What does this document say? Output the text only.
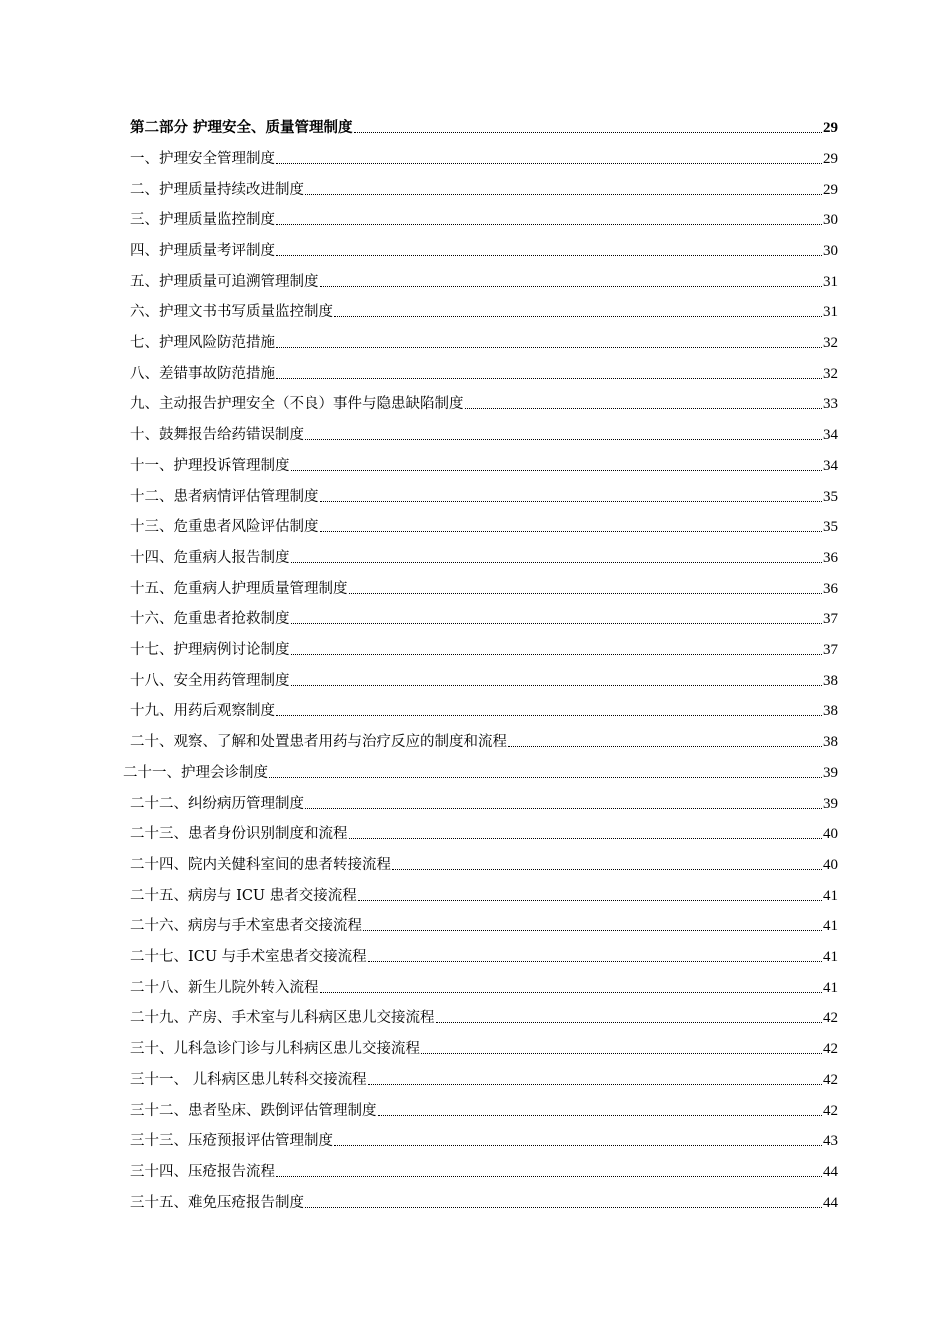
第二部分 护理安全、质量管理制度	29
一、护理安全管理制度	29
二、护理质量持续改进制度	29
三、护理质量监控制度	30
四、护理质量考评制度	30
五、护理质量可追溯管理制度	31
六、护理文书书写质量监控制度	31
七、护理风险防范措施	32
八、差错事故防范措施	32
九、主动报告护理安全（不良）事件与隐患缺陷制度	33
十、鼓舞报告给药错误制度	34
十一、护理投诉管理制度	34
十二、患者病情评估管理制度	35
十三、危重患者风险评估制度	35
十四、危重病人报告制度	36
十五、危重病人护理质量管理制度	36
十六、危重患者抢救制度	37
十七、护理病例讨论制度	37
十八、安全用药管理制度	38
十九、用药后观察制度	38
二十、观察、了解和处置患者用药与治疗反应的制度和流程	38
二十一、护理会诊制度	39
二十二、纠纷病历管理制度	39
二十三、患者身份识别制度和流程	40
二十四、院内关健科室间的患者转接流程	40
二十五、病房与 ICU 患者交接流程	41
二十六、病房与手术室患者交接流程	41
二十七、ICU 与手术室患者交接流程	41
二十八、新生儿院外转入流程	41
二十九、产房、手术室与儿科病区患儿交接流程	42
三十、儿科急诊门诊与儿科病区患儿交接流程	42
三十一、 儿科病区患儿转科交接流程	42
三十二、患者坠床、跌倒评估管理制度	42
三十三、压疮预报评估管理制度	43
三十四、压疮报告流程	44
三十五、难免压疮报告制度	44
